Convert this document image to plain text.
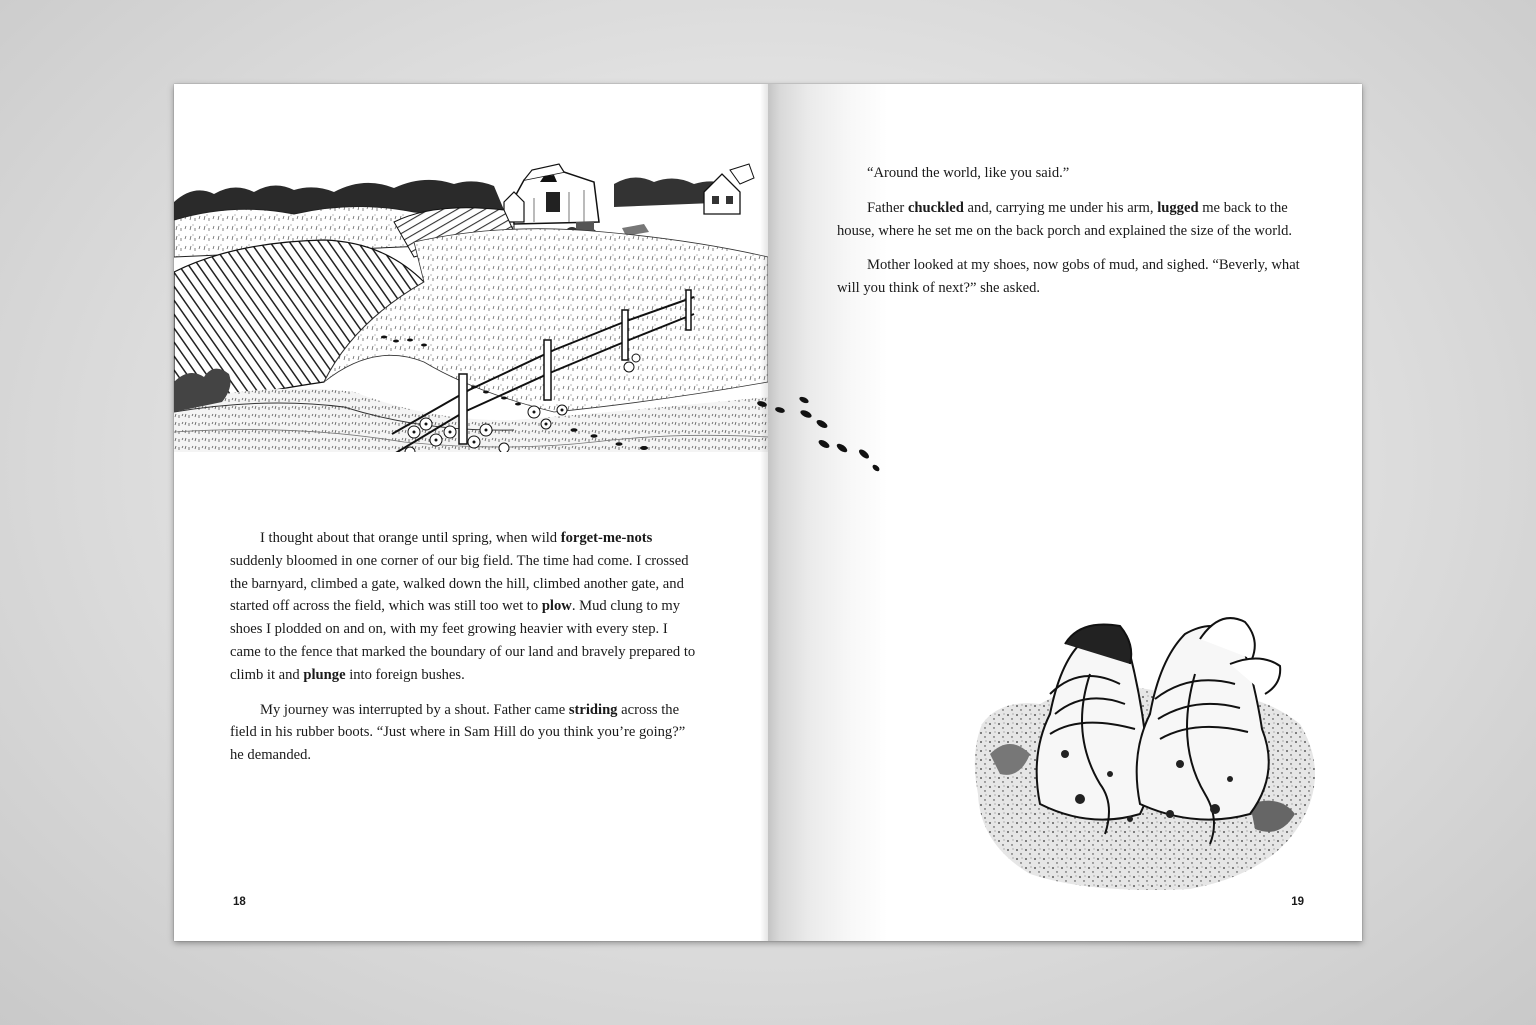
I thought about that orange until spring, when wild forget-me-nots suddenly bloomed in one corner of our big field. The time had come. I crossed the barnyard, climbed a gate, walked down the hill, climbed another gate, and started off across the field, which was still too wet to plow. Mud clung to my shoes I plodded on and on, with my feet growing heavier with every step. I came to the fence that marked the boundary of our land and bravely prepared to climb it and plunge into foreign bushes.

My journey was interrupted by a shout. Father came striding across the field in his rubber boots. “Just where in Sam Hill do you think you’re going?” he demanded.

18

“Around the world, like you said.”

Father chuckled and, carrying me under his arm, lugged me back to the house, where he set me on the back porch and explained the size of the world.

Mother looked at my shoes, now gobs of mud, and sighed. “Beverly, what will you think of next?” she asked.

19
